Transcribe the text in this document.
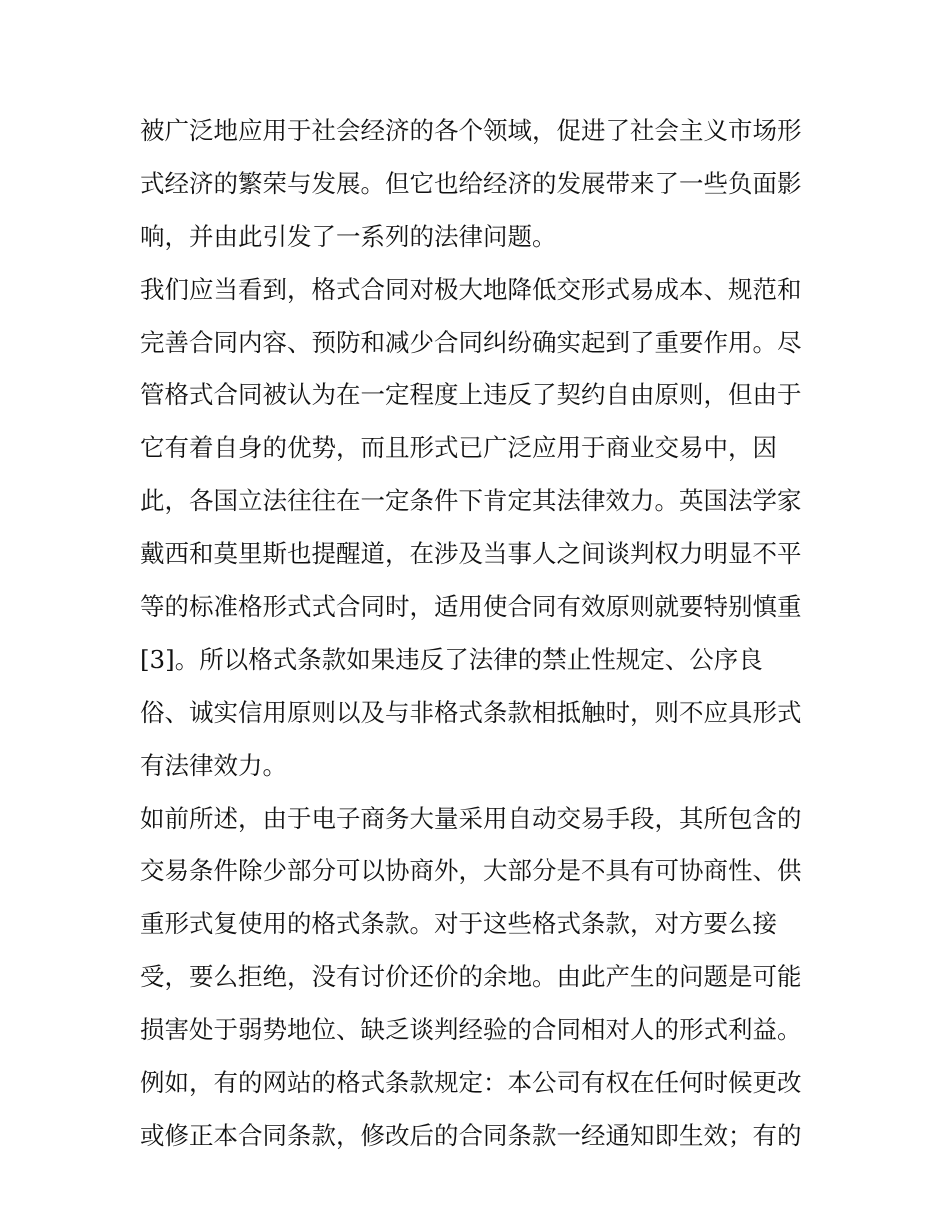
被广泛地应用于社会经济的各个领域，促进了社会主义市场形
式经济的繁荣与发展。但它也给经济的发展带来了一些负面影
响，并由此引发了一系列的法律问题。
我们应当看到，格式合同对极大地降低交形式易成本、规范和
完善合同内容、预防和减少合同纠纷确实起到了重要作用。尽
管格式合同被认为在一定程度上违反了契约自由原则，但由于
它有着自身的优势，而且形式已广泛应用于商业交易中，因
此，各国立法往往在一定条件下肯定其法律效力。英国法学家
戴西和莫里斯也提醒道，在涉及当事人之间谈判权力明显不平
等的标准格形式式合同时，适用使合同有效原则就要特别慎重
[3]。所以格式条款如果违反了法律的禁止性规定、公序良
俗、诚实信用原则以及与非格式条款相抵触时，则不应具形式
有法律效力。
如前所述，由于电子商务大量采用自动交易手段，其所包含的
交易条件除少部分可以协商外，大部分是不具有可协商性、供
重形式复使用的格式条款。对于这些格式条款，对方要么接
受，要么拒绝，没有讨价还价的余地。由此产生的问题是可能
损害处于弱势地位、缺乏谈判经验的合同相对人的形式利益。
例如，有的网站的格式条款规定：本公司有权在任何时候更改
或修正本合同条款，修改后的合同条款一经通知即生效；有的
